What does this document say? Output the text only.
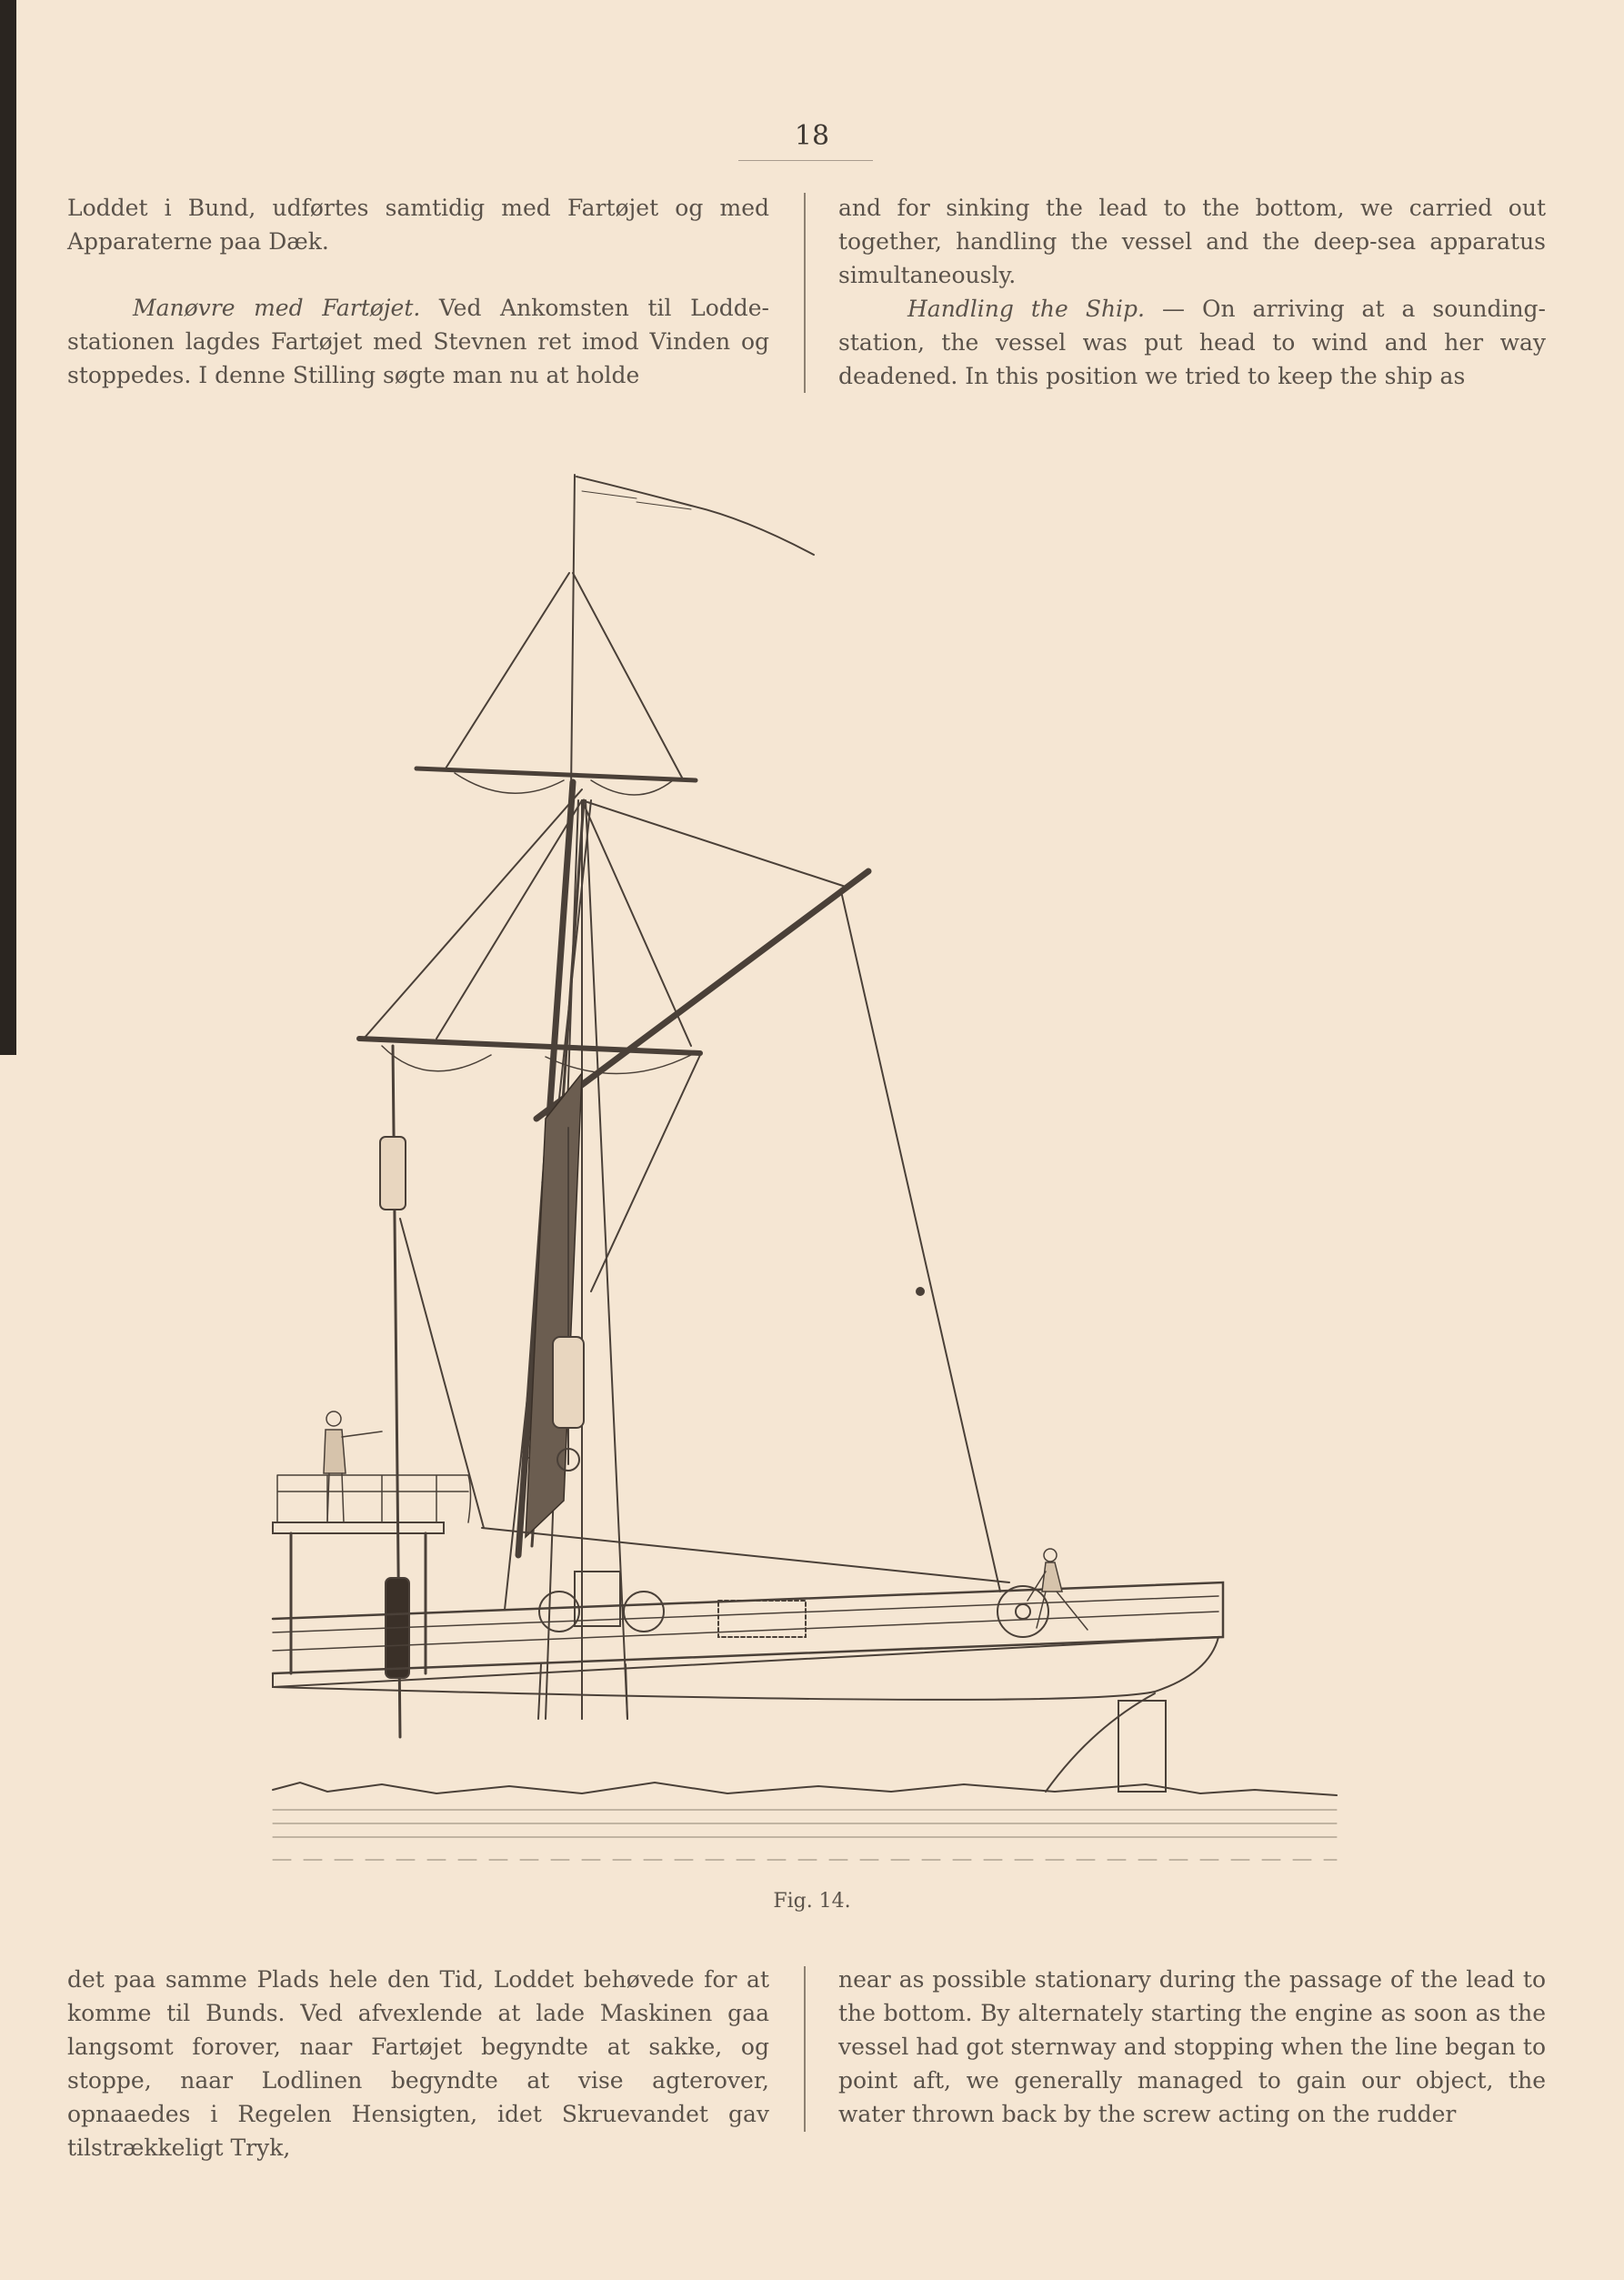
18

Loddet i Bund, udførtes samtidig med Fartøjet og med Apparaterne paa Dæk.

Manøvre med Fartøjet. Ved Ankomsten til Lodde-stationen lagdes Fartøjet med Stevnen ret imod Vinden og stoppedes. I denne Stilling søgte man nu at holde

and for sinking the lead to the bottom, we carried out together, handling the vessel and the deep-sea apparatus simultaneously.

Handling the Ship. — On arriving at a sounding-station, the vessel was put head to wind and her way deadened. In this position we tried to keep the ship as

Fig. 14.

det paa samme Plads hele den Tid, Loddet behøvede for at komme til Bunds. Ved afvexlende at lade Maskinen gaa langsomt forover, naar Fartøjet begyndte at sakke, og stoppe, naar Lodlinen begyndte at vise agterover, opnaaedes i Regelen Hensigten, idet Skruevandet gav tilstrækkeligt Tryk,

near as possible stationary during the passage of the lead to the bottom. By alternately starting the engine as soon as the vessel had got sternway and stopping when the line began to point aft, we generally managed to gain our object, the water thrown back by the screw acting on the rudder
